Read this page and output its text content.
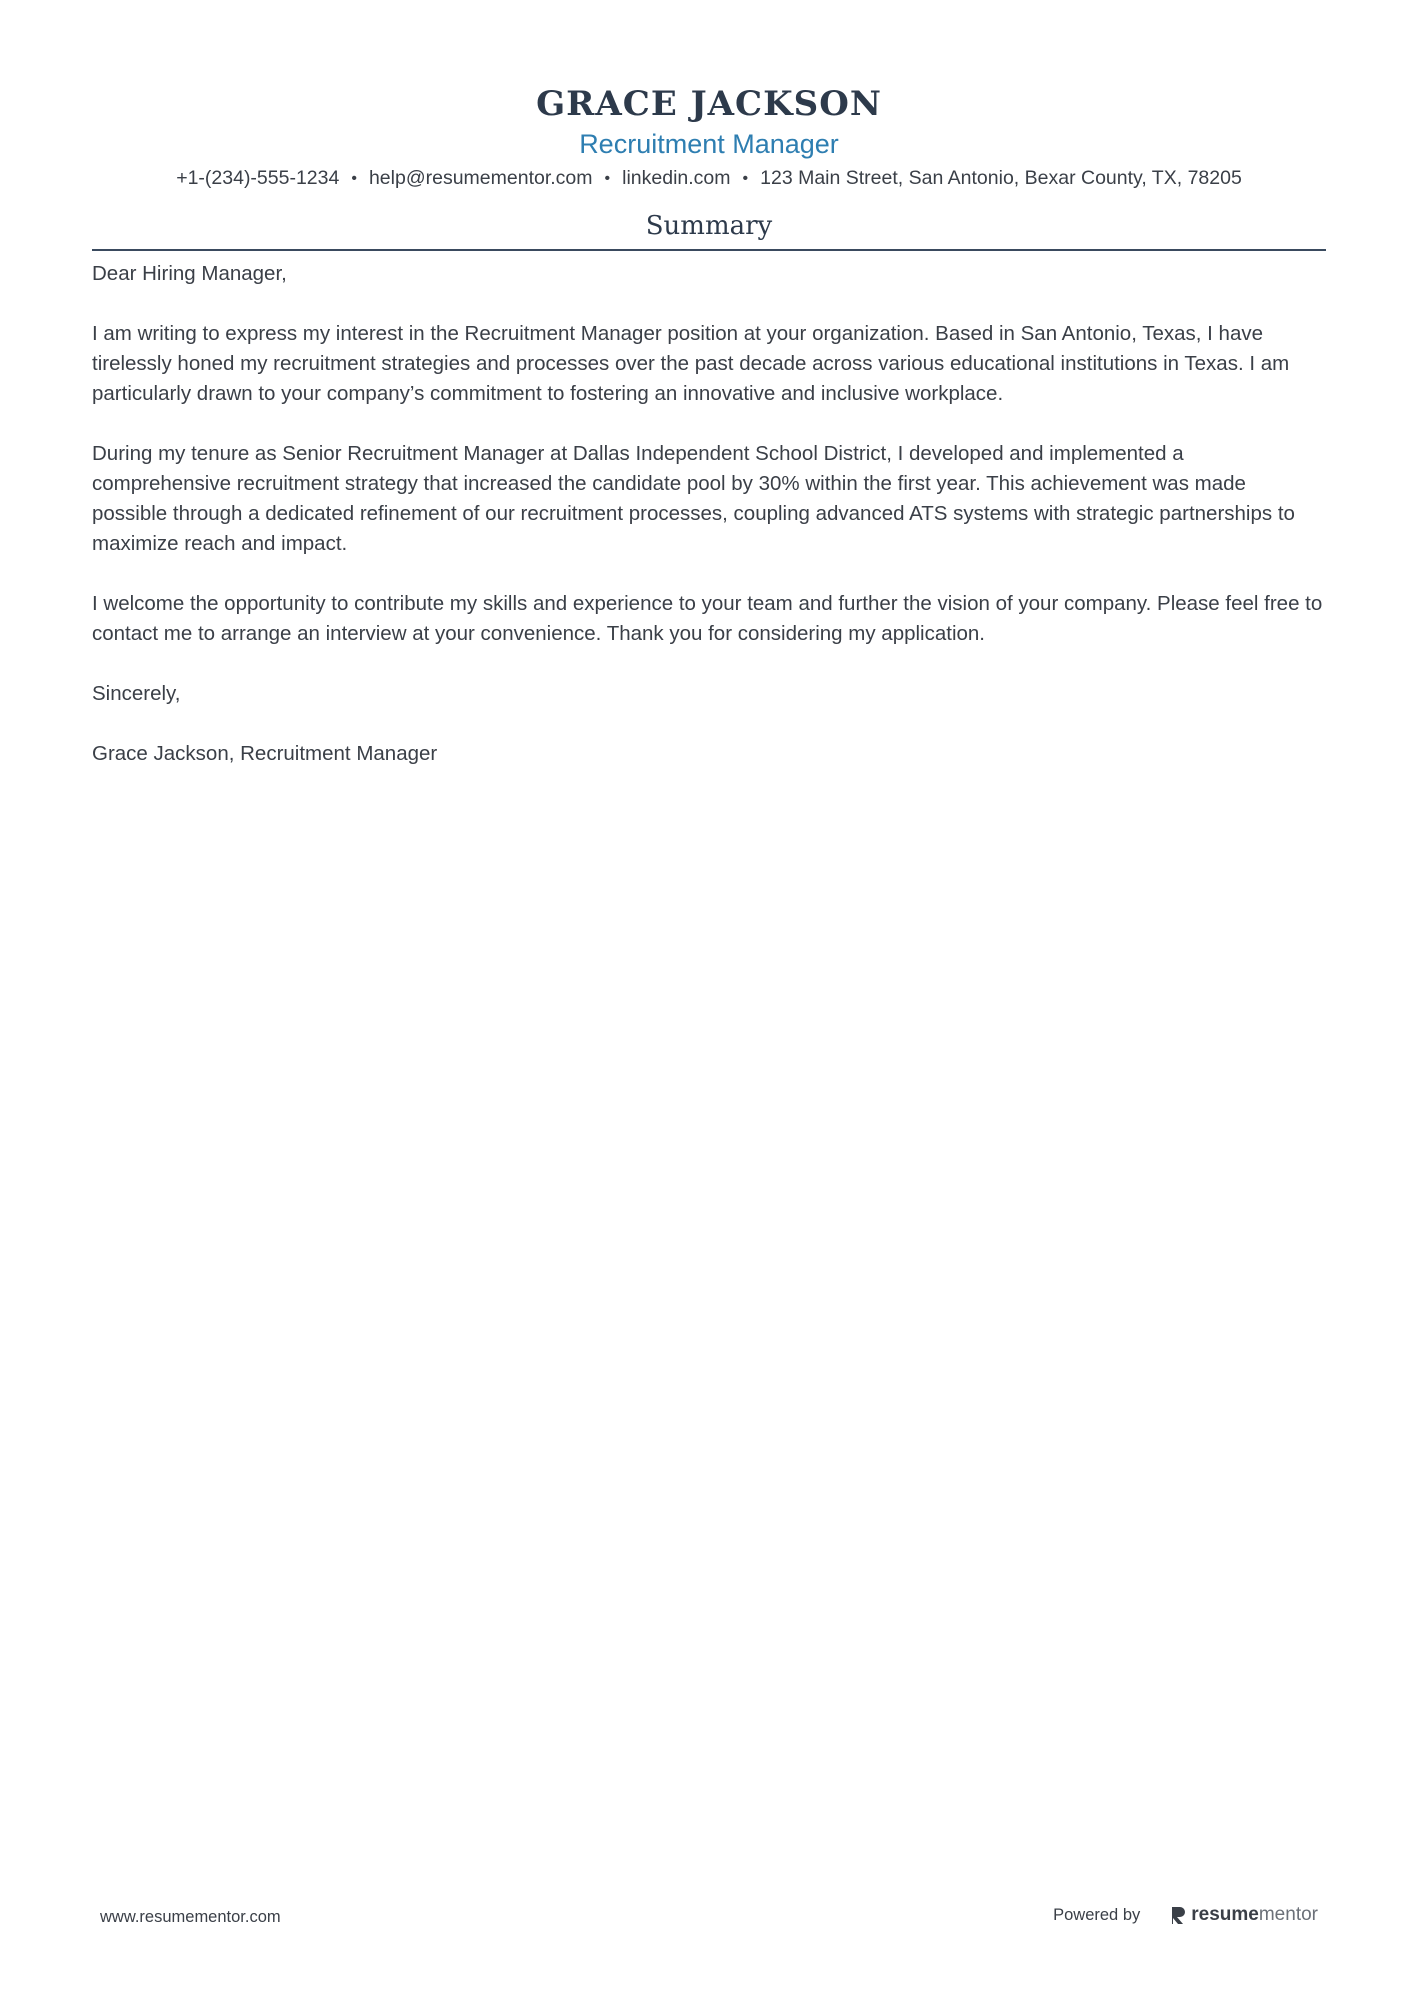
GRACE JACKSON
Recruitment Manager
+1-(234)-555-1234 • help@resumementor.com • linkedin.com • 123 Main Street, San Antonio, Bexar County, TX, 78205
Summary

Dear Hiring Manager,

I am writing to express my interest in the Recruitment Manager position at your organization. Based in San Antonio, Texas, I have tirelessly honed my recruitment strategies and processes over the past decade across various educational institutions in Texas. I am particularly drawn to your company’s commitment to fostering an innovative and inclusive workplace.

During my tenure as Senior Recruitment Manager at Dallas Independent School District, I developed and implemented a comprehensive recruitment strategy that increased the candidate pool by 30% within the first year. This achievement was made possible through a dedicated refinement of our recruitment processes, coupling advanced ATS systems with strategic partnerships to maximize reach and impact.

I welcome the opportunity to contribute my skills and experience to your team and further the vision of your company. Please feel free to contact me to arrange an interview at your convenience. Thank you for considering my application.

Sincerely,

Grace Jackson, Recruitment Manager

www.resumementor.com	Powered by	resume mentor
